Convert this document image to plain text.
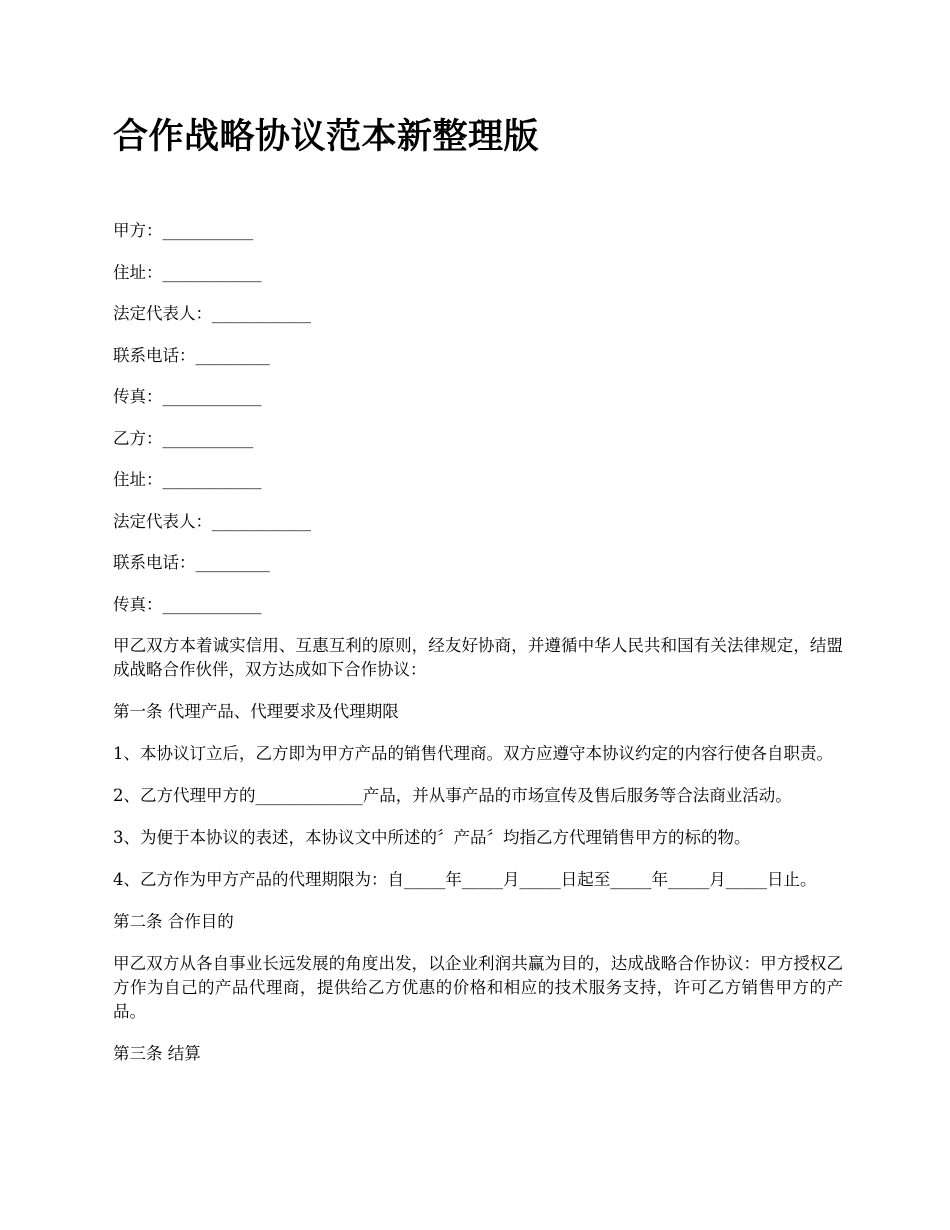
合作战略协议范本新整理版
甲方：___________
住址：____________
法定代表人：____________
联系电话：_________
传真：____________
乙方：___________
住址：____________
法定代表人：____________
联系电话：_________
传真：____________

甲乙双方本着诚实信用、互惠互利的原则，经友好协商，并遵循中华人民共和国有关法律规定，结盟成战略合作伙伴，双方达成如下合作协议：

第一条 代理产品、代理要求及代理期限

1、本协议订立后，乙方即为甲方产品的销售代理商。双方应遵守本协议约定的内容行使各自职责。

2、乙方代理甲方的_____________产品，并从事产品的市场宣传及售后服务等合法商业活动。

3、为便于本协议的表述，本协议文中所述的〞产品〞均指乙方代理销售甲方的标的物。

4、乙方作为甲方产品的代理期限为：自_____年_____月_____日起至_____年_____月_____日止。

第二条 合作目的

甲乙双方从各自事业长远发展的角度出发，以企业利润共赢为目的，达成战略合作协议：甲方授权乙方作为自己的产品代理商，提供给乙方优惠的价格和相应的技术服务支持，许可乙方销售甲方的产品。

第三条 结算
